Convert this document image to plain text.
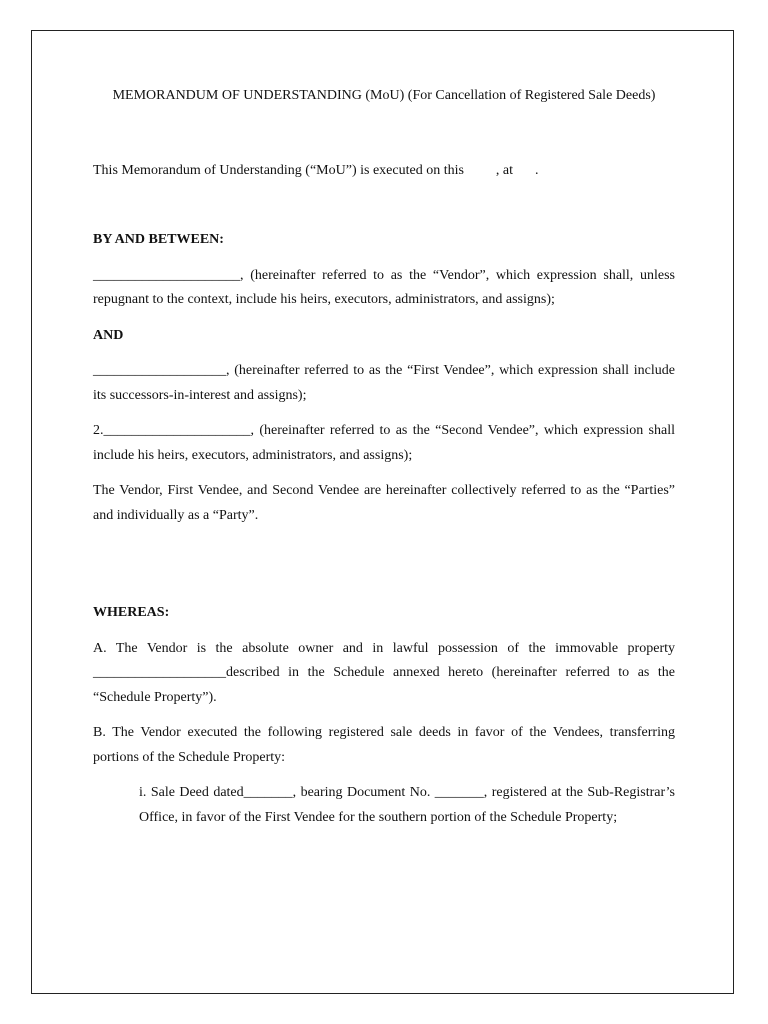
MEMORANDUM OF UNDERSTANDING (MoU) (For Cancellation of Registered Sale Deeds)

This Memorandum of Understanding (“MoU”) is executed on this , at .

BY AND BETWEEN:

_____________________, (hereinafter referred to as the “Vendor”, which expression shall, unless repugnant to the context, include his heirs, executors, administrators, and assigns);

AND

___________________, (hereinafter referred to as the “First Vendee”, which expression shall include its successors-in-interest and assigns);

2._____________________, (hereinafter referred to as the “Second Vendee”, which expression shall include his heirs, executors, administrators, and assigns);

The Vendor, First Vendee, and Second Vendee are hereinafter collectively referred to as the “Parties” and individually as a “Party”.

WHEREAS:

A. The Vendor is the absolute owner and in lawful possession of the immovable property ___________________described in the Schedule annexed hereto (hereinafter referred to as the “Schedule Property”).

B. The Vendor executed the following registered sale deeds in favor of the Vendees, transferring portions of the Schedule Property:

i. Sale Deed dated_______, bearing Document No. _______, registered at the Sub-Registrar’s Office, in favor of the First Vendee for the southern portion of the Schedule Property;
